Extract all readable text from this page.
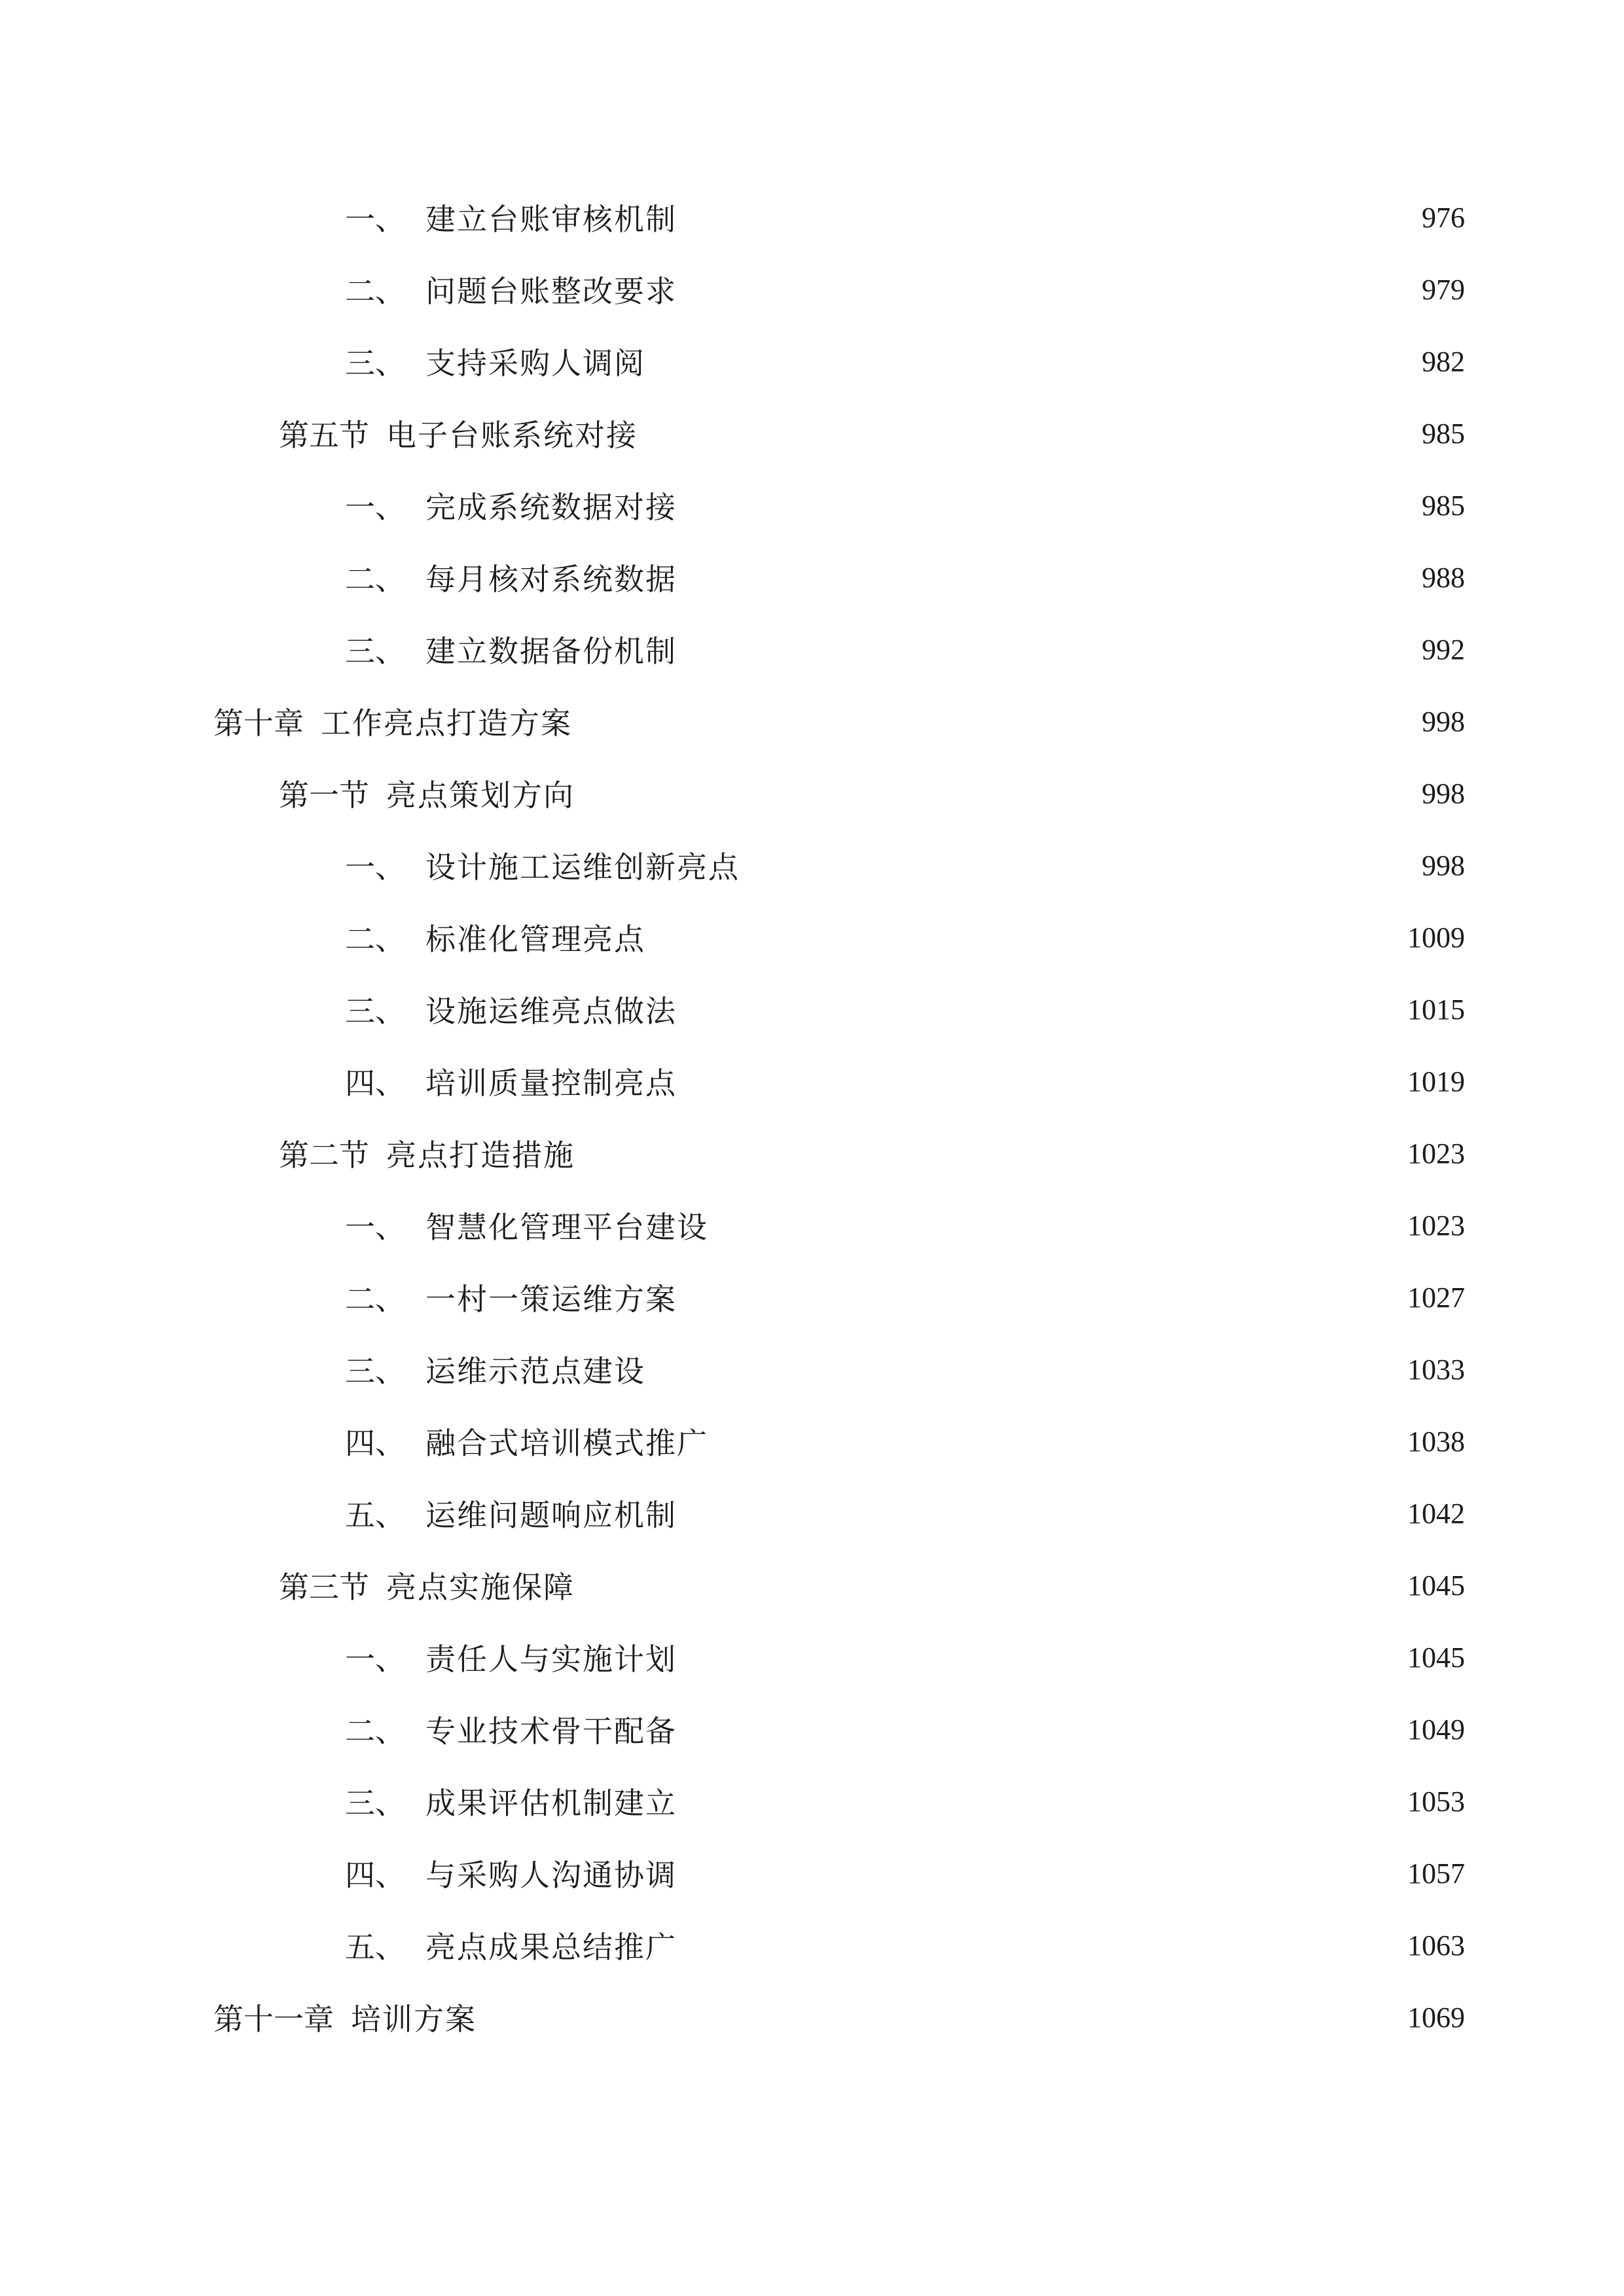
一、 建立台账审核机制	976
二、 问题台账整改要求	979
三、 支持采购人调阅	982
第五节 电子台账系统对接	985
一、 完成系统数据对接	985
二、 每月核对系统数据	988
三、 建立数据备份机制	992
第十章 工作亮点打造方案	998
第一节 亮点策划方向	998
一、 设计施工运维创新亮点	998
二、 标准化管理亮点	1009
三、 设施运维亮点做法	1015
四、 培训质量控制亮点	1019
第二节 亮点打造措施	1023
一、 智慧化管理平台建设	1023
二、 一村一策运维方案	1027
三、 运维示范点建设	1033
四、 融合式培训模式推广	1038
五、 运维问题响应机制	1042
第三节 亮点实施保障	1045
一、 责任人与实施计划	1045
二、 专业技术骨干配备	1049
三、 成果评估机制建立	1053
四、 与采购人沟通协调	1057
五、 亮点成果总结推广	1063
第十一章 培训方案	1069
